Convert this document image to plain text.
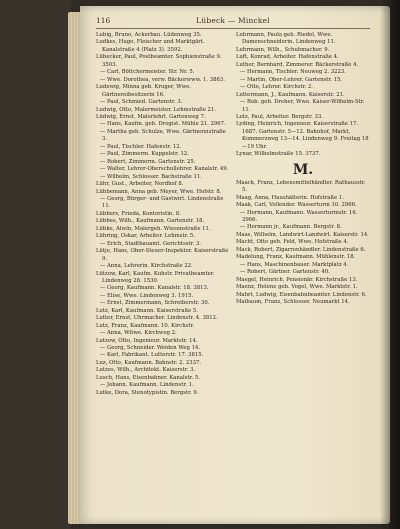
116	Lübeck — Minckel

Lubig, Bruno, Ackerbau. Lüdenweg 35.

Ludkes, Hugo, Fleischer und Marktgärt. Kanalstraße 4 (Platz 3). 3592.

Lübecker, Paul, Postbeamter. Sophienstraße 9. 3503.

— Carl, Böttchermeister. Str. Nr. 5.

— Wwe. Dorothea, verw. Bäckerwww. 1. 3863.

Ludewig, Minna geb. Kruger, Wwe. Gärtnereibesitzerin 16.

— Paul, Schmied. Gartenstr. 3.

Ludwig, Otto, Malermeister. Lehmstraße 21.

Lüdwig, Ernst, Malerlehrl. Gartenweg 7.

— Hans, Kaufm. geb. Drogist. Mühle 21. 2967.

— Martha geb. Schulze, Wwe. Gärtnereistraße 3.

— Paul, Tischler. Hafenstr. 12.

— Paul, Zimmerm. Kuppelstr. 12.

— Robert, Zimmerm. Gartenstr. 25.

— Walter, Lehrer-Oberschullehrer. Kanalstr. 49.

— Wilhelm, Schlosser. Bachstraße 11.

Lühr, Gust., Arbeiter, Nordhof 8.

Lübbemann, Anna geb. Meyer, Wwe. Hofstr. 8.

— Georg, Bürger- und Gastwirt. Lindenstraße 11.

Lübbers, Frieda, Kontoristin. 8.

Lübbes, Wilh., Kaufmann. Gartenstr. 18.

Lübke, Alwin, Malergeh. Wiesenstraße 11.

Lühring, Oskar, Arbeiter. Lehmstr. 5.

— Erich, Stadtbauamt. Gerichtsstr. 3.

Lütje, Hans, Ober-Steuer-Inspektor. Kaiserstraße 9.

— Anna, Lehrerin. Kirchstraße 22.

Lützow, Karl, Kaufm. Kuhstr. Privatbeamter. Lindenweg 28. 1530.

— Georg, Kaufmann. Kanalstr. 18. 3813.

— Elise, Wwe. Lindenweg 3. 1915.

— Ernst, Zimmermann, Schreiberstr. 30.

Lutz, Karl, Kaufmann. Kaiserstraße 5.

Lutter, Ernst, Uhrmacher. Lindenstr. 4. 3812.

Lutz, Franz, Kaufmann. 10. Kirchstr.

— Anna, Witwe. Kirchweg 2.

Lutzow, Otto, Ingenieur. Marktstr. 14.

— Georg, Schneider. Weiden Weg 14.

— Karl, Fabrikant. Lutterstr. 17. 3815.

Luz, Otto, Kaufmann. Bahnstr. 2. 2337.

Lutzes, Wilh., Architekt. Kaiserstr. 3.

Lusch, Hans, Eisenbahner. Kanalstr. 5.

— Johann, Kaufmann. Lindenstr. 1.

Lutke, Dora, Stenotypistin. Bergstr. 9.

Luhrmann, Paula geb. Riedel, Wwe. Damenschneiderin. Lindenweg 11.

Luhrmann, Wilh., Schuhmacher. 9.

Luft, Konrad, Arbeiter. Hafenstraße 4.

Luther, Bernhard, Zimmerer. Bäckerstraße 4.

— Hermann, Tischler. Neuweg 2. 3223.

— Martin, Ober-Lehrer. Gartenstr. 15.

— Otto, Lehrer. Kirchstr. 2.

Luttermann, J., Kaufmann. Kaiserstr. 21.

— Rob. geb. Dreher, Wwe. Kaiser-Wilhelm-Str. 11.

Lutz, Paul, Arbeiter. Bergstr. 33.

Lyding, Heinrich, Ingenieur. Kaiserstraße 17. 1687. Gartenstr. 5—12. Bahnhof, Markt, Kommerzweg 13—14. Lindenweg 9. Freitag 18—19 Uhr.

Lynar, Wilhelmstraße 15. 3737.

M.

Maack, Franz, Lebensmittelhändler. Rathausstr. 5.

Maag, Anna, Haushälterin. Hofstraße 1.

Maak, Carl, Vollender. Wasserturm 10. 2966.

— Hermann, Kaufmann. Wasserturmstr. 16. 2966.

— Hermann jr., Kaufmann. Bergstr. 8.

Maas, Wilhelm, Landwirt-Landwirt. Kaiserstr. 14.

Macht, Otto geb. Feld, Wwe. Hofstraße 4.

Mack, Robert, Zigarrenhändler. Lindenstraße 6.

Madelung, Franz, Kaufmann. Mühlenstr. 18.

— Hans, Maschinenbauer. Marktplatz 4.

— Robert, Gärtner. Gartenstr. 40.

Maegel, Heinrich, Pensionär. Kirchstraße 13.

Maenz, Helene geb. Vogel, Wwe. Marktstr. 1.

Mahrt, Ludwig, Eisenbahnbeamter. Lindenstr. 6.

Maibaum, Franz, Schlosser. Neumarkt 14.
